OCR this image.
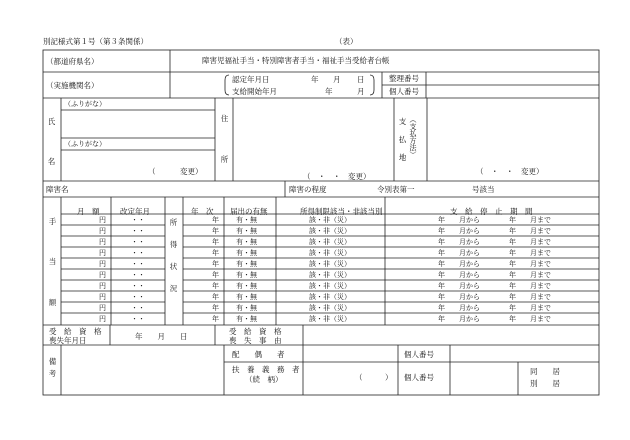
別記様式第１号（第３条関係）	（表）
（都道府県名）	障害児福祉手当・特別障害者手当・福祉手当受給者台帳
（実施機関名）
認定年月日	年 月 日
支給開始年月	年	月
整理番号
個人番号
（ふりがな）
（ふりがな）
氏
名
（	変更）
住
所
（　・　・　変更）
支
払
地 （支払方法）
（　・　・　変更）
障害名	障害の程度	令別表第一	号該当
手
当
額
月　額	改定年月
所
得
状
況
年　次 届出の有無	所得制限該当・非該当別	支　給　停　止　期　間
円	・・	年 有・無	該・非（災）	年　　月から	年　　月まで
円	・・	年 有・無	該・非（災）	年　　月から	年　　月まで
円	・・	年 有・無	該・非（災）	年　　月から	年　　月まで
円	・・	年 有・無	該・非（災）	年　　月から	年　　月まで
円	・・	年 有・無	該・非（災）	年　　月から	年　　月まで
円	・・	年 有・無	該・非（災）	年　　月から	年　　月まで
円	・・	年 有・無	該・非（災）	年　　月から	年　　月まで
円	・・	年 有・無	該・非（災）	年　　月から	年　　月まで
円	・・	年 有・無	該・非（災）	年　　月から	年　　月まで
円	・・	年 有・無	該・非（災）	年　　月から	年　　月まで
受　給　資　格
喪失年月日	年　　月　　日
受　給　資　格
喪　失　事　由
備
考
配　　偶　　者	個人番号
扶　養　義　務　者
（続　柄）	（　　　） 個人番号
同　　居
別　　居
